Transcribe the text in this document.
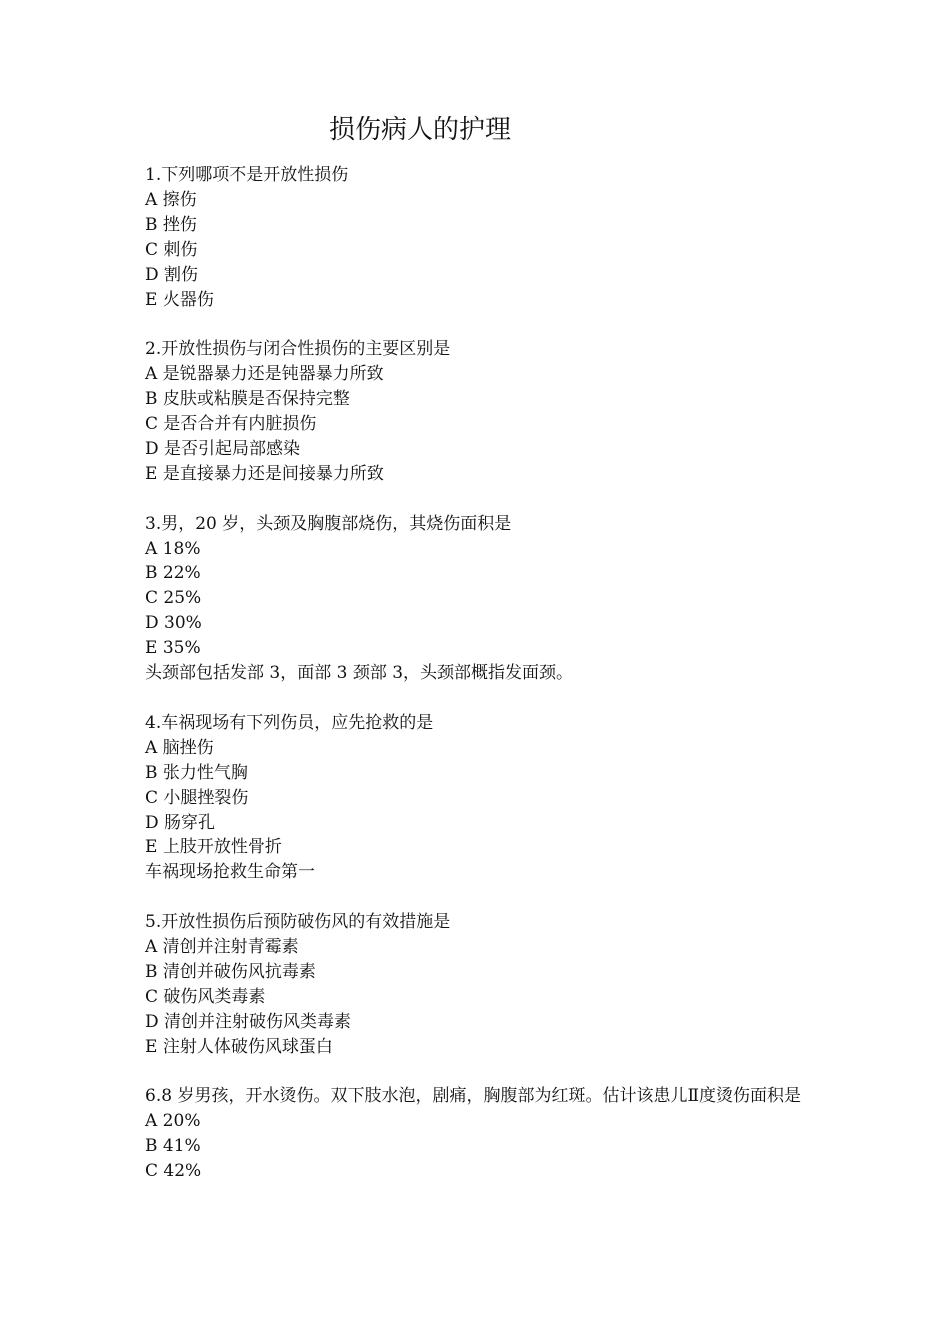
损伤病人的护理
1.下列哪项不是开放性损伤
A 擦伤
B 挫伤
C 刺伤
D 割伤
E 火器伤
2.开放性损伤与闭合性损伤的主要区别是
A 是锐器暴力还是钝器暴力所致
B 皮肤或粘膜是否保持完整
C 是否合并有内脏损伤
D 是否引起局部感染
E 是直接暴力还是间接暴力所致
3.男，20 岁，头颈及胸腹部烧伤，其烧伤面积是
A 18%
B 22%
C 25%
D 30%
E 35%
头颈部包括发部 3，面部 3 颈部 3，头颈部概指发面颈。
4.车祸现场有下列伤员，应先抢救的是
A 脑挫伤
B 张力性气胸
C 小腿挫裂伤
D 肠穿孔
E 上肢开放性骨折
车祸现场抢救生命第一
5.开放性损伤后预防破伤风的有效措施是
A 清创并注射青霉素
B 清创并破伤风抗毒素
C 破伤风类毒素
D 清创并注射破伤风类毒素
E 注射人体破伤风球蛋白
6.8 岁男孩，开水烫伤。双下肢水泡，剧痛，胸腹部为红斑。估计该患儿Ⅱ度烫伤面积是
A 20%
B 41%
C 42%
